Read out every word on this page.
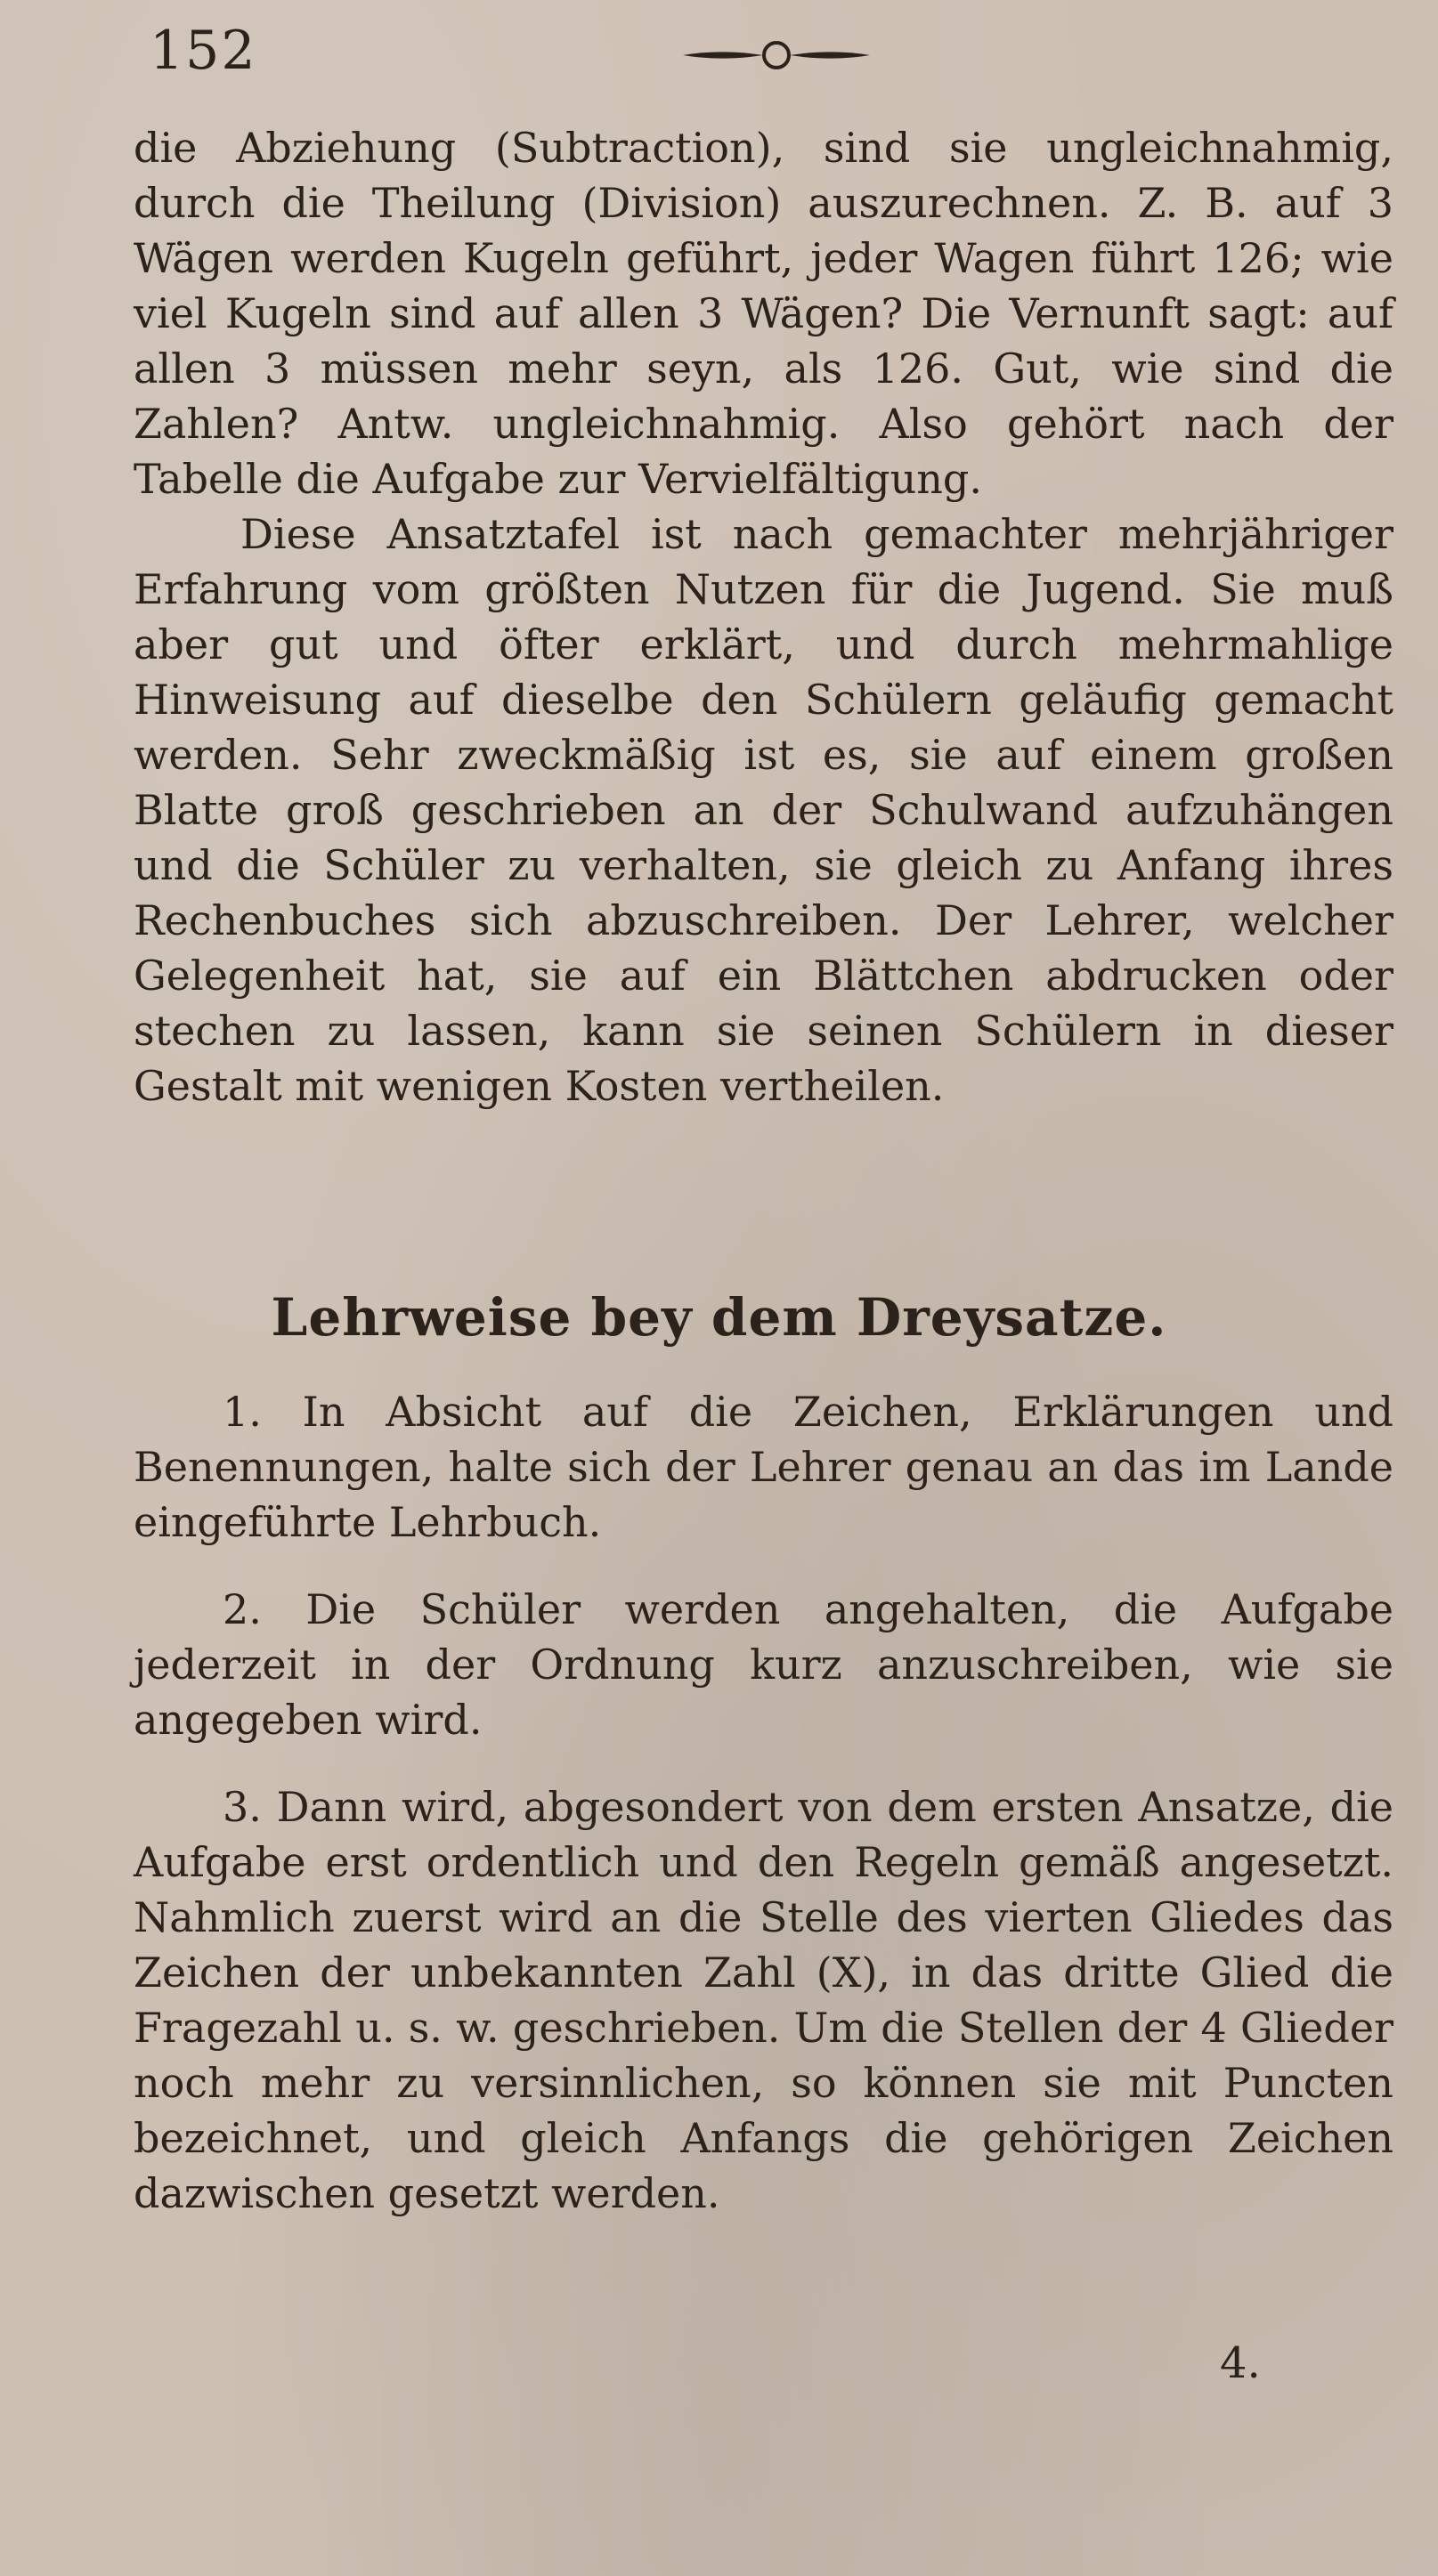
152

die Abziehung (Subtraction), sind sie ungleichnahmig, durch die Theilung (Division) auszurechnen. Z. B. auf 3 Wägen werden Kugeln geführt, jeder Wagen führt 126; wie viel Kugeln sind auf allen 3 Wägen? Die Vernunft sagt: auf allen 3 müssen mehr seyn, als 126. Gut, wie sind die Zahlen? Antw. ungleichnahmig. Also gehört nach der Tabelle die Aufgabe zur Vervielfältigung.

Diese Ansatztafel ist nach gemachter mehrjähriger Erfahrung vom größten Nutzen für die Jugend. Sie muß aber gut und öfter erklärt, und durch mehrmahlige Hinweisung auf dieselbe den Schülern geläufig gemacht werden. Sehr zweckmäßig ist es, sie auf einem großen Blatte groß geschrieben an der Schulwand aufzuhängen und die Schüler zu verhalten, sie gleich zu Anfang ihres Rechenbuches sich abzuschreiben. Der Lehrer, welcher Gelegenheit hat, sie auf ein Blättchen abdrucken oder stechen zu lassen, kann sie seinen Schülern in dieser Gestalt mit wenigen Kosten vertheilen.

Lehrweise bey dem Dreysatze.

1. In Absicht auf die Zeichen, Erklärungen und Benennungen, halte sich der Lehrer genau an das im Lande eingeführte Lehrbuch.

2. Die Schüler werden angehalten, die Aufgabe jederzeit in der Ordnung kurz anzuschreiben, wie sie angegeben wird.

3. Dann wird, abgesondert von dem ersten Ansatze, die Aufgabe erst ordentlich und den Regeln gemäß angesetzt. Nahmlich zuerst wird an die Stelle des vierten Gliedes das Zeichen der unbekannten Zahl (X), in das dritte Glied die Fragezahl u. s. w. geschrieben. Um die Stellen der 4 Glieder noch mehr zu versinnlichen, so können sie mit Puncten bezeichnet, und gleich Anfangs die gehörigen Zeichen dazwischen gesetzt werden.

4.
